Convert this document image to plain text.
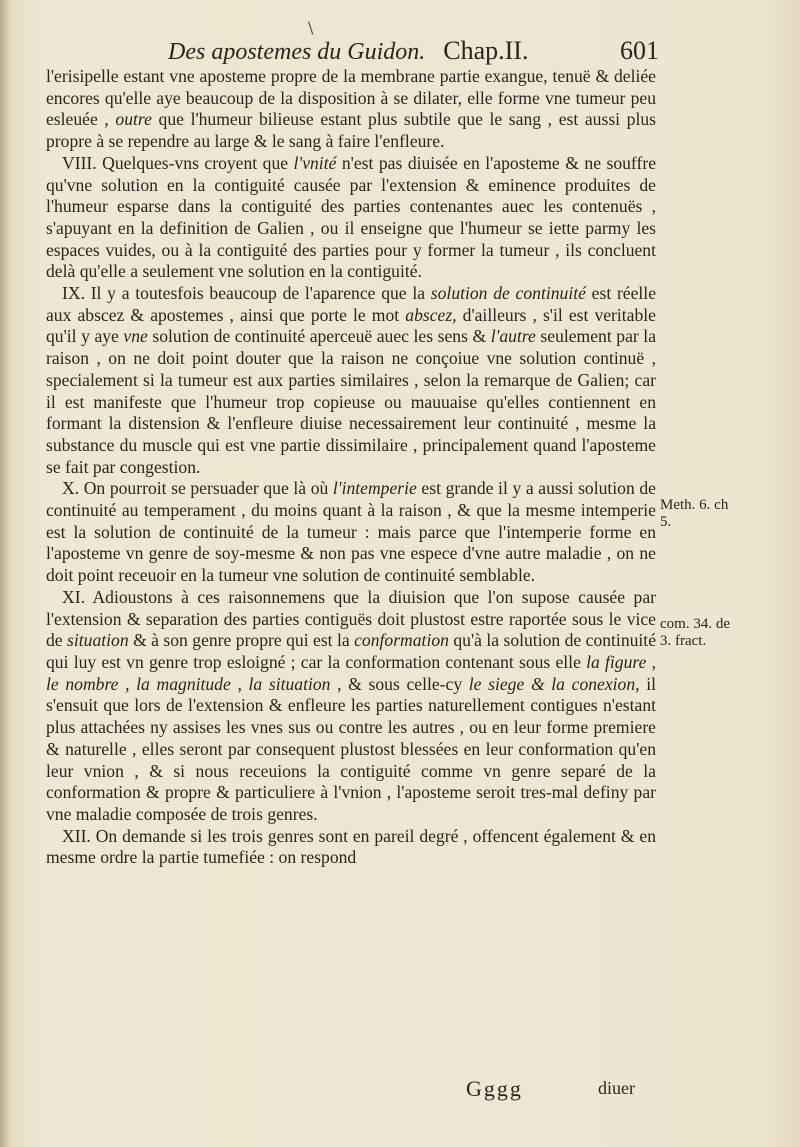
\
Des apostemes du Guidon. Chap.II.	601

l'erisipelle estant vne aposteme propre de la membrane partie exangue, tenuë & deliée encores qu'elle aye beaucoup de la disposition à se dilater, elle forme vne tumeur peu esleuée , outre que l'humeur bilieuse estant plus subtile que le sang , est aussi plus propre à se rependre au large & le sang à faire l'enfleure.

VIII. Quelques-vns croyent que l'vnité n'est pas diuisée en l'aposteme & ne souffre qu'vne solution en la contiguité causée par l'extension & eminence produites de l'humeur esparse dans la contiguité des parties contenantes auec les contenuës , s'apuyant en la definition de Galien , ou il enseigne que l'humeur se iette parmy les espaces vuides, ou à la contiguité des parties pour y former la tumeur , ils concluent delà qu'elle a seulement vne solution en la contiguité.

IX. Il y a toutesfois beaucoup de l'aparence que la solution de continuité est réelle aux abscez & apostemes , ainsi que porte le mot abscez, d'ailleurs , s'il est veritable qu'il y aye vne solution de continuité aperceuë auec les sens & l'autre seulement par la raison , on ne doit point douter que la raison ne conçoiue vne solution continuë , specialement si la tumeur est aux parties similaires , selon la remarque de Galien; car il est manifeste que l'humeur trop copieuse ou mauuaise qu'elles contiennent en formant la distension & l'enfleure diuise necessairement leur continuité , mesme la substance du muscle qui est vne partie dissimilaire , principalement quand l'aposteme se fait par congestion.

X. On pourroit se persuader que là où l'intemperie est grande il y a aussi solution de continuité au temperament , du moins quant à la raison , & que la mesme intemperie est la solution de continuité de la tumeur : mais parce que l'intemperie forme en l'aposteme vn genre de soy-mesme & non pas vne espece d'vne autre maladie , on ne doit point receuoir en la tumeur vne solution de continuité semblable.

XI. Adioustons à ces raisonnemens que la diuision que l'on supose causée par l'extension & separation des parties contiguës doit plustost estre raportée sous le vice de situation & à son genre propre qui est la conformation qu'à la solution de continuité qui luy est vn genre trop esloigné ; car la conformation contenant sous elle la figure , le nombre , la magnitude , la situation , & sous celle-cy le siege & la conexion, il s'ensuit que lors de l'extension & enfleure les parties naturellement contigues n'estant plus attachées ny assises les vnes sus ou contre les autres , ou en leur forme premiere & naturelle , elles seront par consequent plustost blessées en leur conformation qu'en leur vnion , & si nous receuions la contiguité comme vn genre separé de la conformation & propre & particuliere à l'vnion , l'aposteme seroit tres-mal definy par vne maladie composée de trois genres.

XII. On demande si les trois genres sont en pareil degré , offencent également & en mesme ordre la partie tumefiée : on respond

Meth. 6. ch
5.
com. 34. de
3. fract.
Gggg	diuer
